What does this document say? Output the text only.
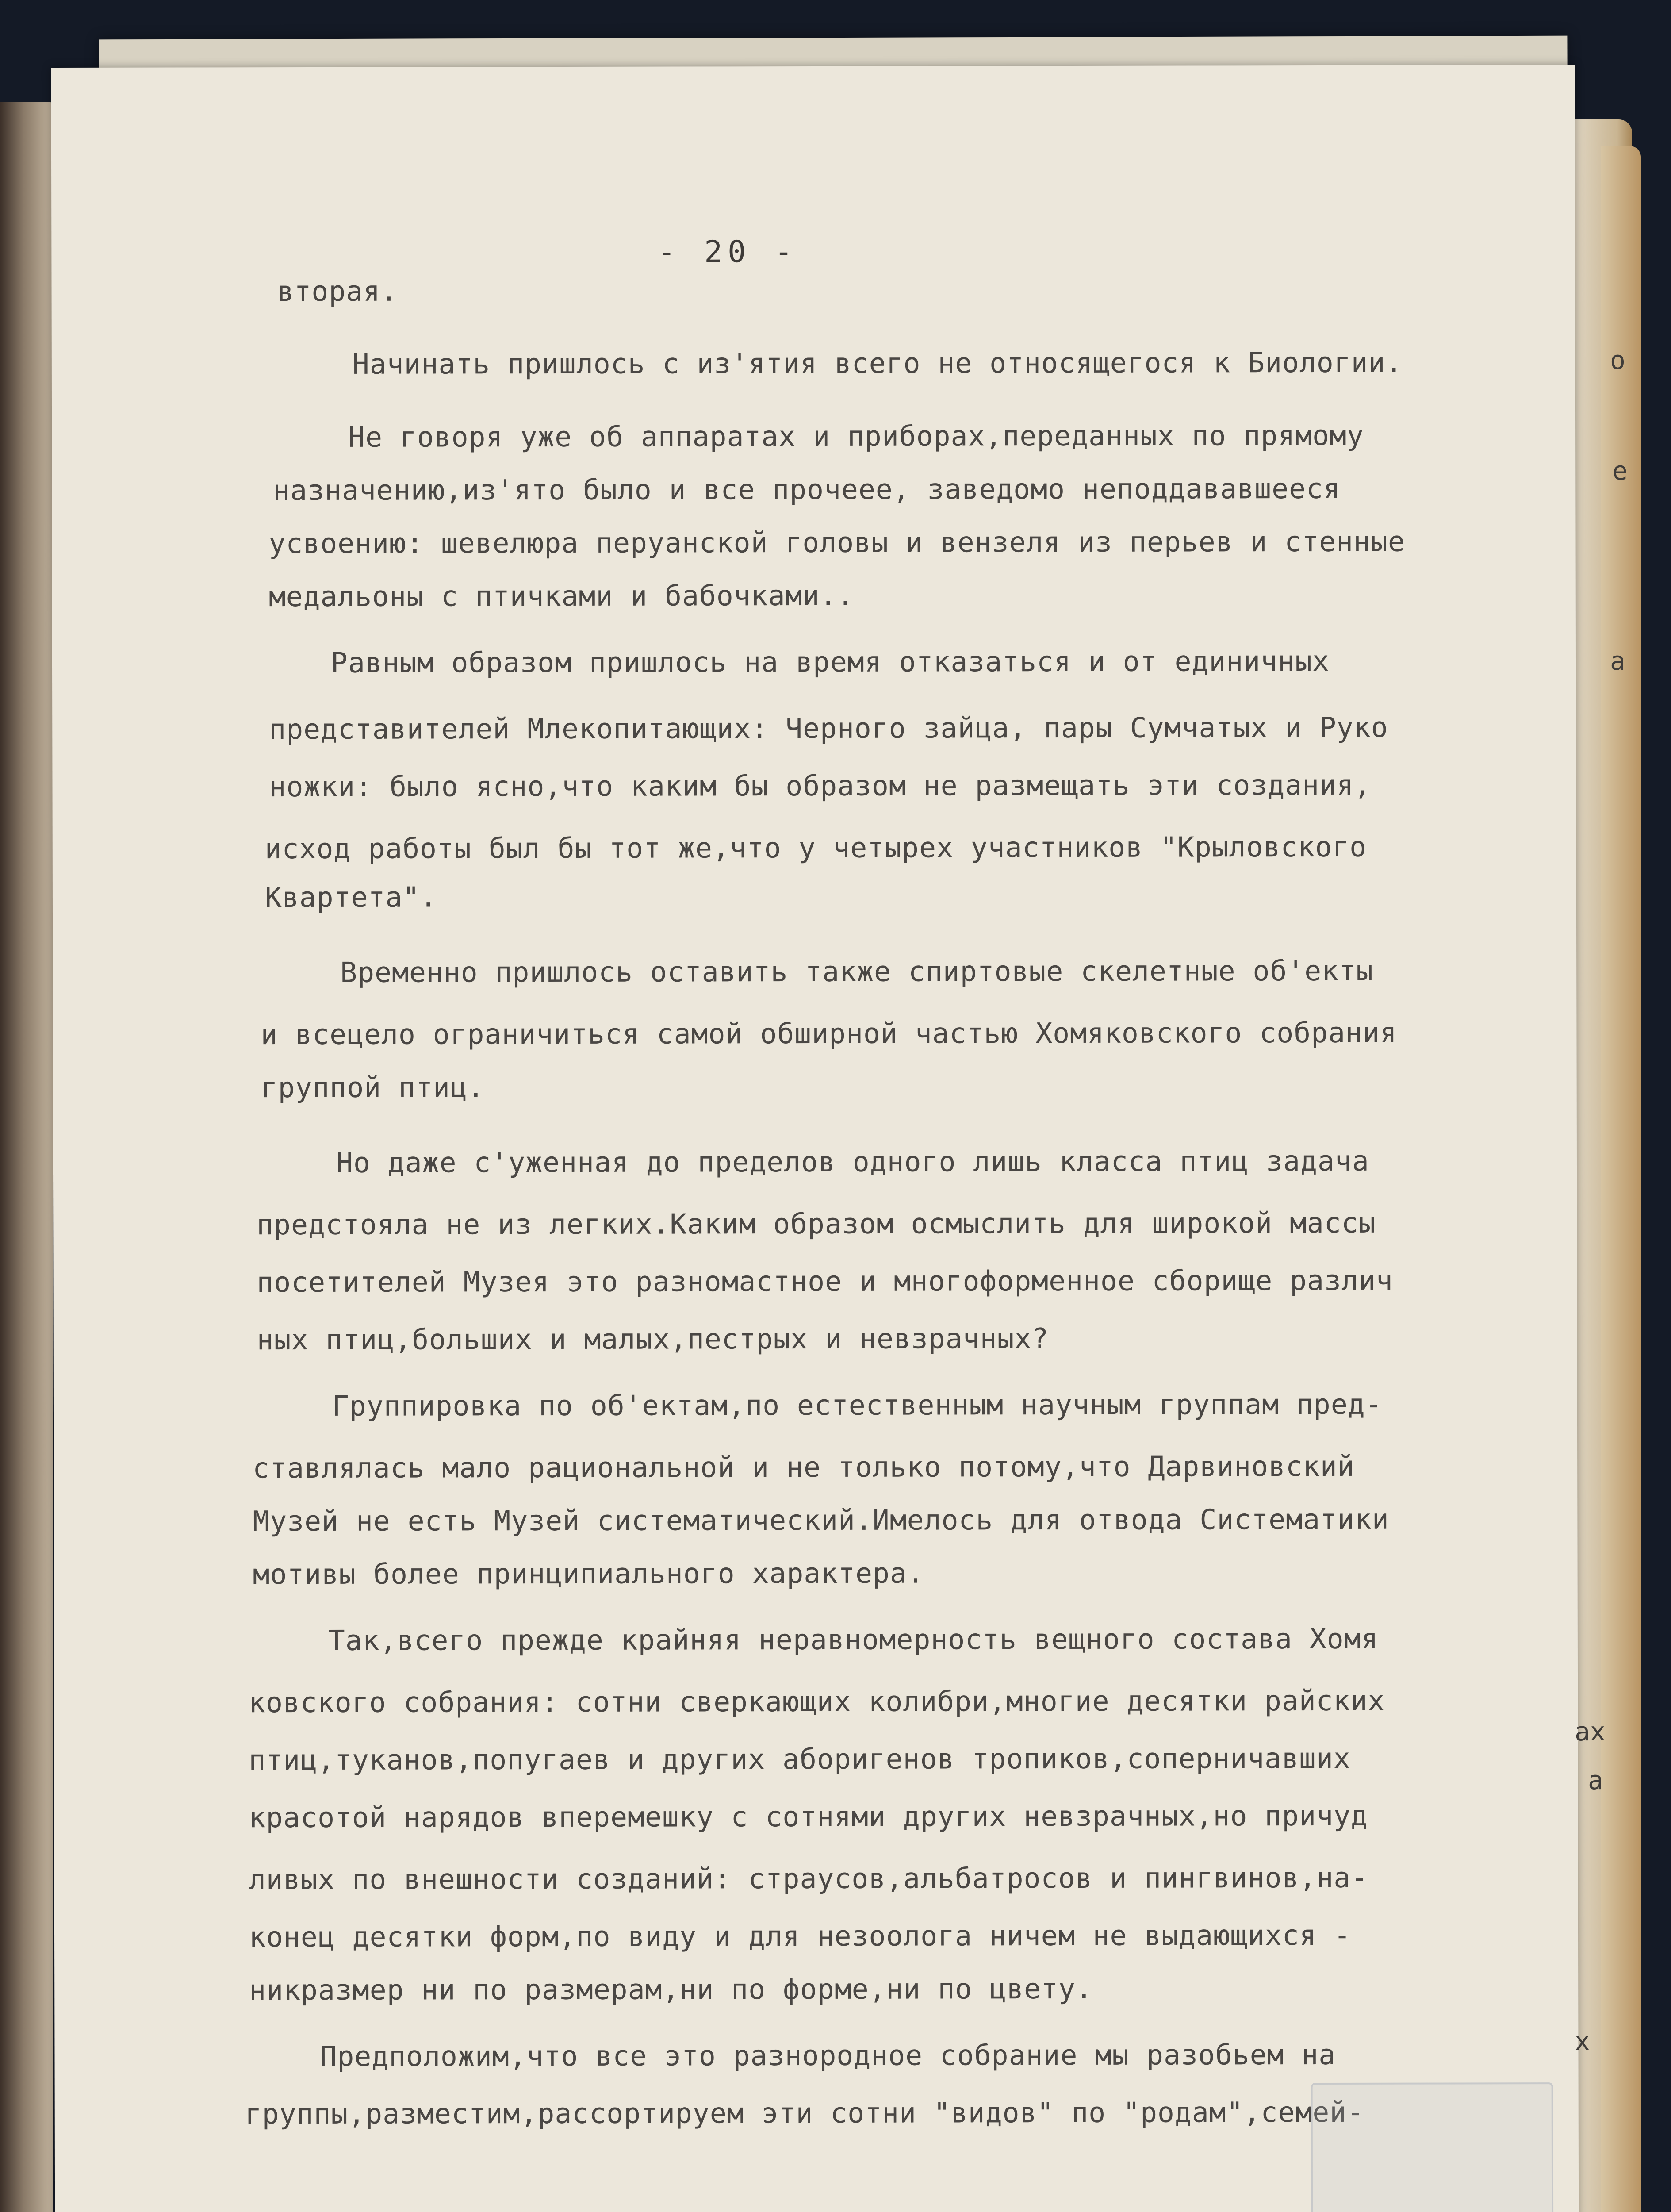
- 20 -
вторая.
Начинать пришлось с из'ятия всего не относящегося к Биологии.
Не говоря уже об аппаратах и приборах,переданных по прямому
назначению,из'ято было и все прочеее, заведомо неподдававшееся
усвоению: шевелюра перуанской головы и вензеля из перьев и стенные
медальоны с птичками и бабочками..
Равным образом пришлось на время отказаться и от единичных
представителей Млекопитающих: Черного зайца, пары Сумчатых и Руко
ножки: было ясно,что каким бы образом не размещать эти создания,
исход работы был бы тот же,что у четырех участников "Крыловского
Квартета".
Временно пришлось оставить также спиртовые скелетные об'екты
и всецело ограничиться самой обширной частью Хомяковского собрания
группой птиц.
Но даже с'уженная до пределов одного лишь класса птиц задача
предстояла не из легких.Каким образом осмыслить для широкой массы
посетителей Музея это разномастное и многоформенное сборище различ
ных птиц,больших и малых,пестрых и невзрачных?
Группировка по об'ектам,по естественным научным группам пред-
ставлялась мало рациональной и не только потому,что Дарвиновский
Музей не есть Музей систематический.Имелось для отвода Систематики
мотивы более принципиального характера.
Так,всего прежде крайняя неравномерность вещного состава Хомя
ковского собрания: сотни сверкающих колибри,многие десятки райских
птиц,туканов,попугаев и других аборигенов тропиков,соперничавших
красотой нарядов вперемешку с сотнями других невзрачных,но причуд
ливых по внешности созданий: страусов,альбатросов и пингвинов,на-
конец десятки форм,по виду и для незоолога ничем не выдающихся -
никразмер ни по размерам,ни по форме,ни по цвету.
Предположим,что все это разнородное собрание мы разобьем на
группы,разместим,рассортируем эти сотни "видов" по "родам",семей-
о
е
а
ах
а
х
